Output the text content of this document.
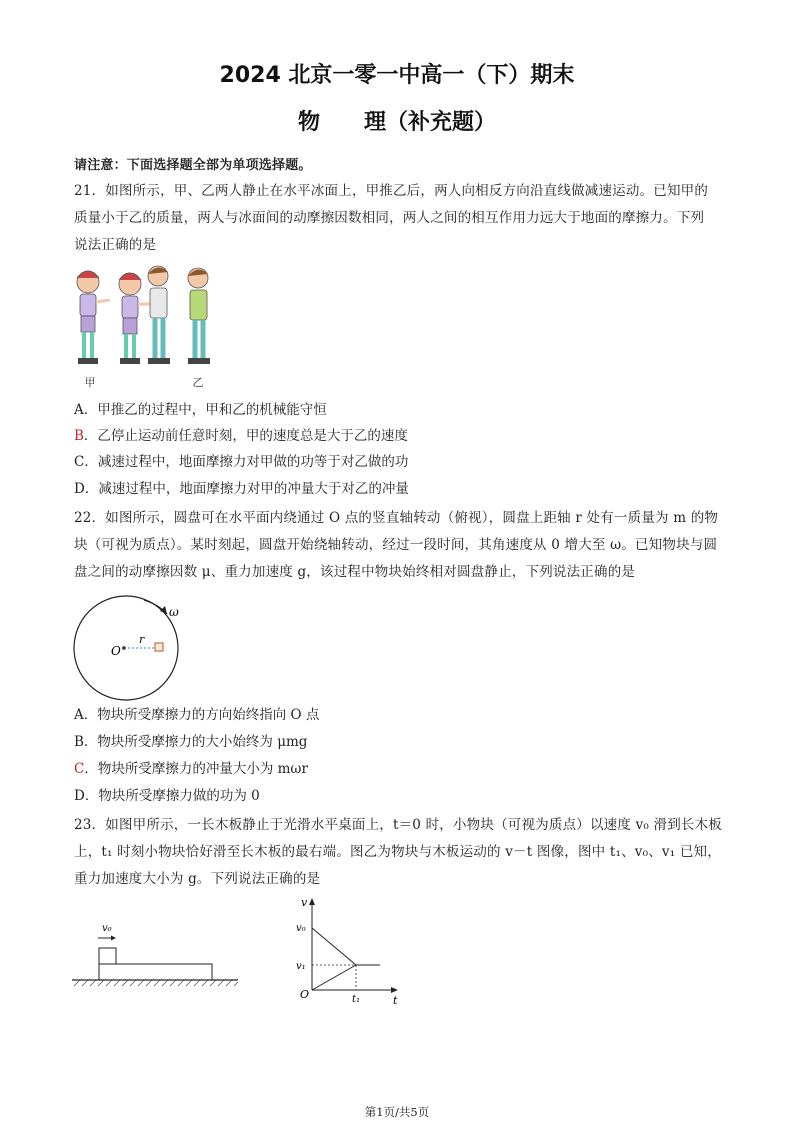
2024 北京一零一中高一（下）期末
物 理（补充题）
请注意：下面选择题全部为单项选择题。
21．如图所示，甲、乙两人静止在水平冰面上，甲推乙后，两人向相反方向沿直线做减速运动。已知甲的
质量小于乙的质量，两人与冰面间的动摩擦因数相同，两人之间的相互作用力远大于地面的摩擦力。下列
说法正确的是
甲	乙
A．甲推乙的过程中，甲和乙的机械能守恒
B．乙停止运动前任意时刻，甲的速度总是大于乙的速度
C．减速过程中，地面摩擦力对甲做的功等于对乙做的功
D．减速过程中，地面摩擦力对甲的冲量大于对乙的冲量
22．如图所示，圆盘可在水平面内绕通过 O 点的竖直轴转动（俯视），圆盘上距轴 r 处有一质量为 m 的物
块（可视为质点）。某时刻起，圆盘开始绕轴转动，经过一段时间，其角速度从 0 增大至 ω。已知物块与圆
盘之间的动摩擦因数 μ、重力加速度 g，该过程中物块始终相对圆盘静止，下列说法正确的是
ω
O
r
A．物块所受摩擦力的方向始终指向 O 点
B．物块所受摩擦力的大小始终为 μmg
C．物块所受摩擦力的冲量大小为 mωr
D．物块所受摩擦力做的功为 0
23．如图甲所示，一长木板静止于光滑水平桌面上，t＝0 时，小物块（可视为质点）以速度 v₀ 滑到长木板
上，t₁ 时刻小物块恰好滑至长木板的最右端。图乙为物块与木板运动的 v－t 图像，图中 t₁、v₀、v₁ 已知，
重力加速度大小为 g。下列说法正确的是
v₀
v
t
O
v₀
v₁
t₁
第1页/共5页
